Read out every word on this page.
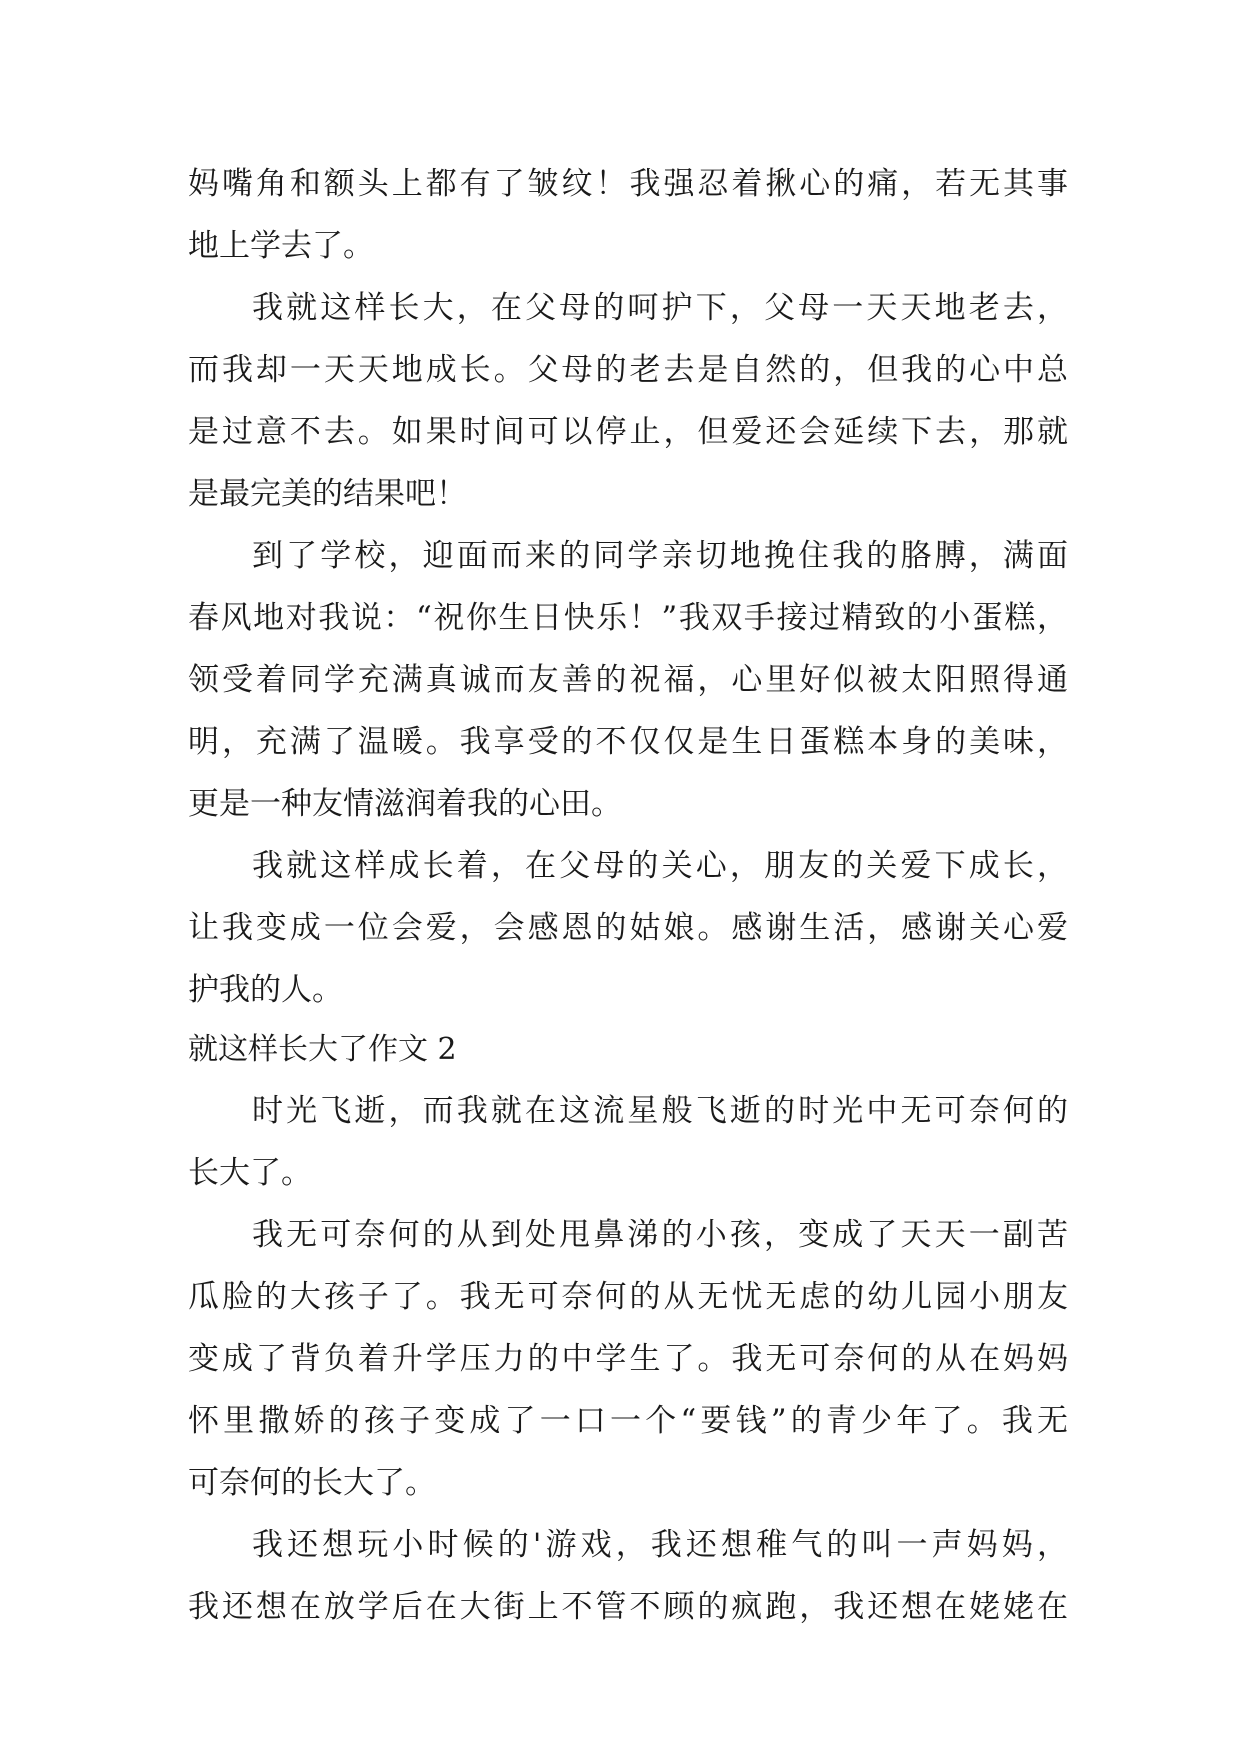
妈嘴角和额头上都有了皱纹！我强忍着揪心的痛，若无其事
地上学去了。
我就这样长大，在父母的呵护下，父母一天天地老去，
而我却一天天地成长。父母的老去是自然的，但我的心中总
是过意不去。如果时间可以停止，但爱还会延续下去，那就
是最完美的结果吧！
到了学校，迎面而来的同学亲切地挽住我的胳膊，满面
春风地对我说：“祝你生日快乐！”我双手接过精致的小蛋糕，
领受着同学充满真诚而友善的祝福，心里好似被太阳照得通
明，充满了温暖。我享受的不仅仅是生日蛋糕本身的美味，
更是一种友情滋润着我的心田。
我就这样成长着，在父母的关心，朋友的关爱下成长，
让我变成一位会爱，会感恩的姑娘。感谢生活，感谢关心爱
护我的人。
就这样长大了作文 2
时光飞逝，而我就在这流星般飞逝的时光中无可奈何的
长大了。
我无可奈何的从到处甩鼻涕的小孩，变成了天天一副苦
瓜脸的大孩子了。我无可奈何的从无忧无虑的幼儿园小朋友
变成了背负着升学压力的中学生了。我无可奈何的从在妈妈
怀里撒娇的孩子变成了一口一个“要钱”的青少年了。我无
可奈何的长大了。
我还想玩小时候的'游戏，我还想稚气的叫一声妈妈，
我还想在放学后在大街上不管不顾的疯跑，我还想在姥姥在
